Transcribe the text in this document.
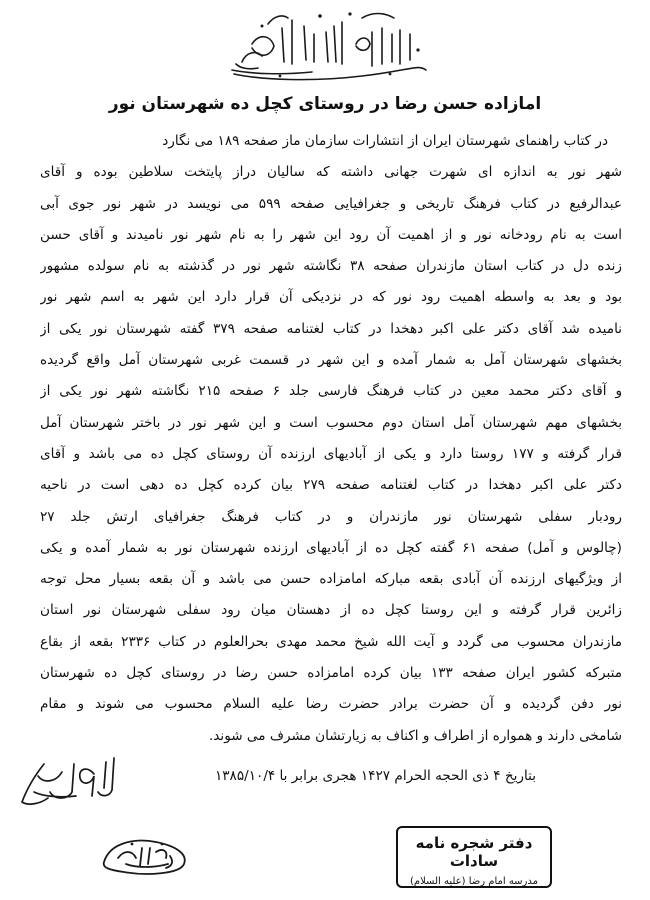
امازاده حسن رضا در روستای کچل ده شهرستان نور
در کتاب راهنمای شهرستان ایران از انتشارات سازمان ماز صفحه ۱۸۹ می نگارد
شهر نور به اندازه ای شهرت جهانی داشته که سالیان دراز پایتخت سلاطین بوده و آقای
عبدالرفیع در کتاب فرهنگ تاریخی و جغرافیایی صفحه ۵۹۹ می نویسد در شهر نور جوی آبی
است به نام رودخانه نور و از اهمیت آن رود این شهر را به نام شهر نور نامیدند و آقای حسن
زنده دل در کتاب استان مازندران صفحه ۳۸ نگاشته شهر نور در گذشته به نام سولده مشهور
بود و بعد به واسطه اهمیت رود نور که در نزدیکی آن قرار دارد این شهر به اسم شهر نور
نامیده شد آقای دکتر علی اکبر دهخدا در کتاب لغتنامه صفحه ۳۷۹ گفته شهرستان نور یکی از
بخشهای شهرستان آمل به شمار آمده و این شهر در قسمت غربی شهرستان آمل واقع گردیده
و آقای دکتر محمد معین در کتاب فرهنگ فارسی جلد ۶ صفحه ۲۱۵ نگاشته شهر نور یکی از
بخشهای مهم شهرستان آمل استان دوم محسوب است و این شهر نور در باختر شهرستان آمل
قرار گرفته و ۱۷۷ روستا دارد و یکی از آبادیهای ارزنده آن روستای کچل ده می باشد و آقای
دکتر علی اکبر دهخدا در کتاب لغتنامه صفحه ۲۷۹ بیان کرده کچل ده دهی است در ناحیه
رودبار سفلی شهرستان نور مازندران و در کتاب فرهنگ جغرافیای ارتش جلد ۲۷
(چالوس و آمل) صفحه ۶۱ گفته کچل ده از آبادیهای ارزنده شهرستان نور به شمار آمده و یکی
از ویژگیهای ارزنده آن آبادی بقعه مبارکه امامزاده حسن می باشد و آن بقعه بسیار محل توجه
زائرین قرار گرفته و این روستا کچل ده از دهستان میان رود سفلی شهرستان نور استان
مازندران محسوب می گردد و آیت الله شیخ محمد مهدی بحرالعلوم در کتاب ۲۳۳۶ بقعه از بقاع
متبرکه کشور ایران صفحه ۱۳۳ بیان کرده امامزاده حسن رضا در روستای کچل ده شهرستان
نور دفن گردیده و آن حضرت برادر حضرت رضا علیه السلام محسوب می شوند و مقام
شامخی دارند و همواره از اطراف و اکناف به زیارتشان مشرف می شوند.
بتاریخ ۴ ذی الحجه الحرام ۱۴۲۷ هجری برابر با ۱۳۸۵/۱۰/۴
دفتر شجره نامه سادات
مدرسه امام رضا (علیه السلام)
